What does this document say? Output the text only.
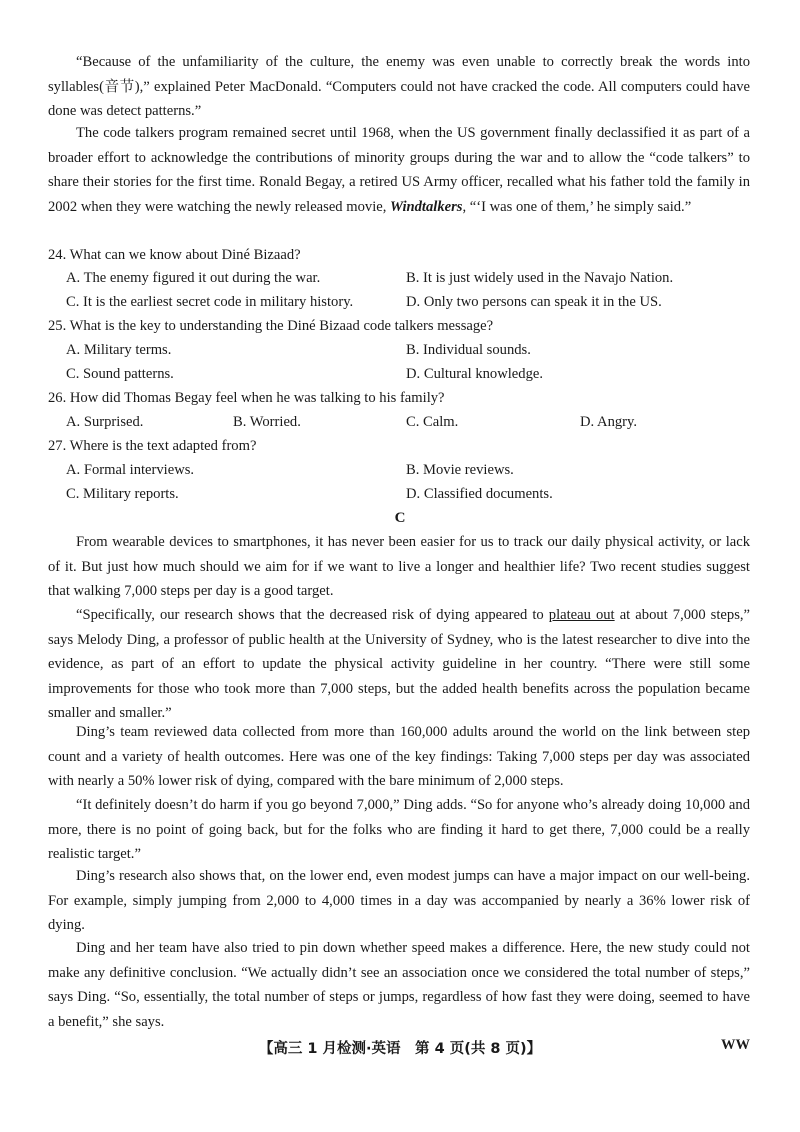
“Because of the unfamiliarity of the culture, the enemy was even unable to correctly break the words into syllables(音节),” explained Peter MacDonald. “Computers could not have cracked the code. All computers could have done was detect patterns.”

The code talkers program remained secret until 1968, when the US government finally declassified it as part of a broader effort to acknowledge the contributions of minority groups during the war and to allow the “code talkers” to share their stories for the first time. Ronald Begay, a retired US Army officer, recalled what his father told the family in 2002 when they were watching the newly released movie, Windtalkers, “‘I was one of them,’ he simply said.”

24. What can we know about Diné Bizaad?

A. The enemy figured it out during the war.	B. It is just widely used in the Navajo Nation.
C. It is the earliest secret code in military history.	D. Only two persons can speak it in the US.

25. What is the key to understanding the Diné Bizaad code talkers message?

A. Military terms.	B. Individual sounds.
C. Sound patterns.	D. Cultural knowledge.

26. How did Thomas Begay feel when he was talking to his family?

A. Surprised.	B. Worried.	C. Calm.	D. Angry.

27. Where is the text adapted from?

A. Formal interviews.	B. Movie reviews.
C. Military reports.	D. Classified documents.
C

From wearable devices to smartphones, it has never been easier for us to track our daily physical activity, or lack of it. But just how much should we aim for if we want to live a longer and healthier life? Two recent studies suggest that walking 7,000 steps per day is a good target.

“Specifically, our research shows that the decreased risk of dying appeared to plateau out at about 7,000 steps,” says Melody Ding, a professor of public health at the University of Sydney, who is the latest researcher to dive into the evidence, as part of an effort to update the physical activity guideline in her country. “There were still some improvements for those who took more than 7,000 steps, but the added health benefits across the population became smaller and smaller.”

Ding’s team reviewed data collected from more than 160,000 adults around the world on the link between step count and a variety of health outcomes. Here was one of the key findings: Taking 7,000 steps per day was associated with nearly a 50% lower risk of dying, compared with the bare minimum of 2,000 steps.

“It definitely doesn’t do harm if you go beyond 7,000,” Ding adds. “So for anyone who’s already doing 10,000 and more, there is no point of going back, but for the folks who are finding it hard to get there, 7,000 could be a really realistic target.”

Ding’s research also shows that, on the lower end, even modest jumps can have a major impact on our well-being. For example, simply jumping from 2,000 to 4,000 times in a day was accompanied by nearly a 36% lower risk of dying.

Ding and her team have also tried to pin down whether speed makes a difference. Here, the new study could not make any definitive conclusion. “We actually didn’t see an association once we considered the total number of steps,” says Ding. “So, essentially, the total number of steps or jumps, regardless of how fast they were doing, seemed to have a benefit,” she says.

【高三 1 月检测·英语　第 4 页(共 8 页)】	WW
